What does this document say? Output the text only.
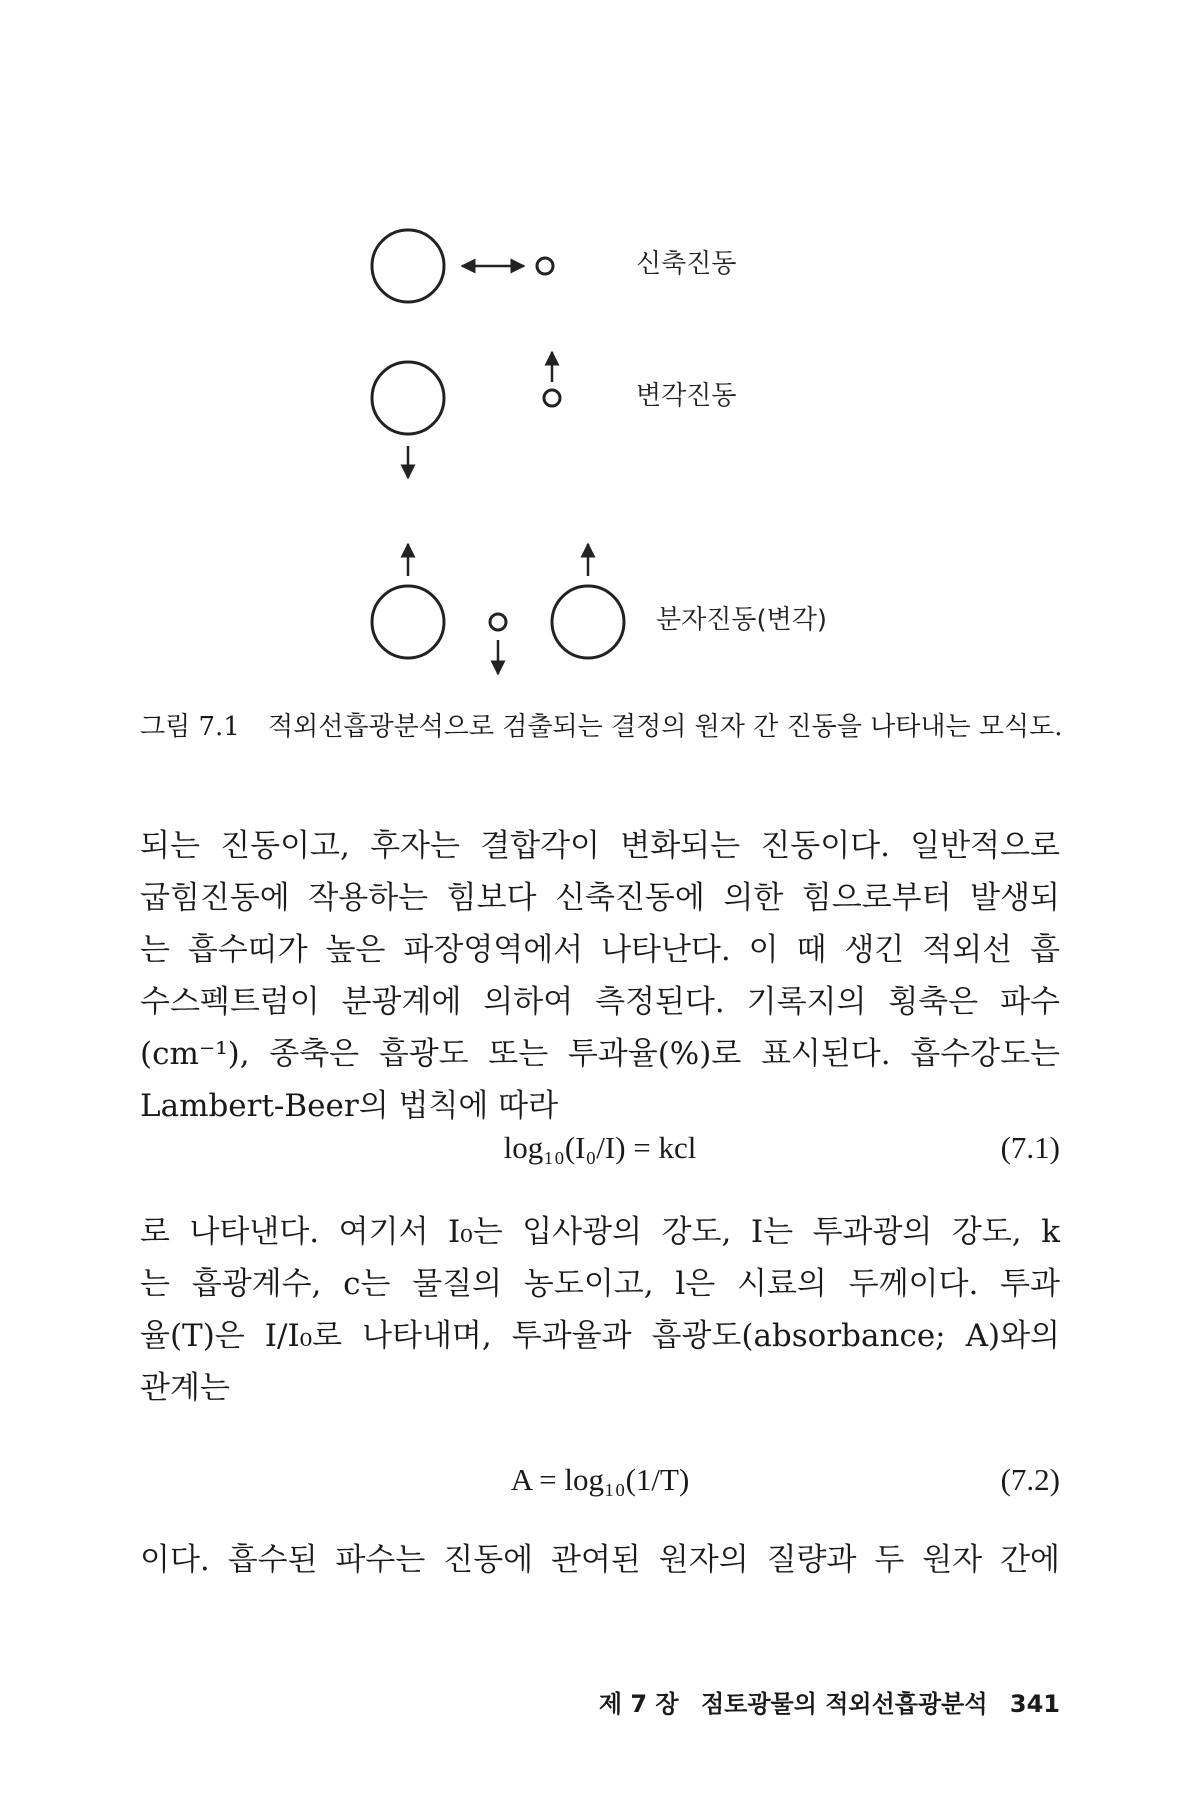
신축진동
변각진동
분자진동(변각)
그림 7.1	적외선흡광분석으로 검출되는 결정의 원자 간 진동을 나타내는 모식도.
되는 진동이고, 후자는 결합각이 변화되는 진동이다. 일반적으로
굽힘진동에 작용하는 힘보다 신축진동에 의한 힘으로부터 발생되
는 흡수띠가 높은 파장영역에서 나타난다. 이 때 생긴 적외선 흡
수스펙트럼이 분광계에 의하여 측정된다. 기록지의 횡축은 파수
(cm⁻¹), 종축은 흡광도 또는 투과율(%)로 표시된다. 흡수강도는
Lambert-Beer의 법칙에 따라
log₁₀(I₀/I) = kcl	(7.1)
로 나타낸다. 여기서 I₀는 입사광의 강도, I는 투과광의 강도, k
는 흡광계수, c는 물질의 농도이고, l은 시료의 두께이다. 투과
율(T)은 I/I₀로 나타내며, 투과율과 흡광도(absorbance; A)와의
관계는
A = log₁₀(1/T)	(7.2)
이다. 흡수된 파수는 진동에 관여된 원자의 질량과 두 원자 간에
제 7 장 점토광물의 적외선흡광분석 341
